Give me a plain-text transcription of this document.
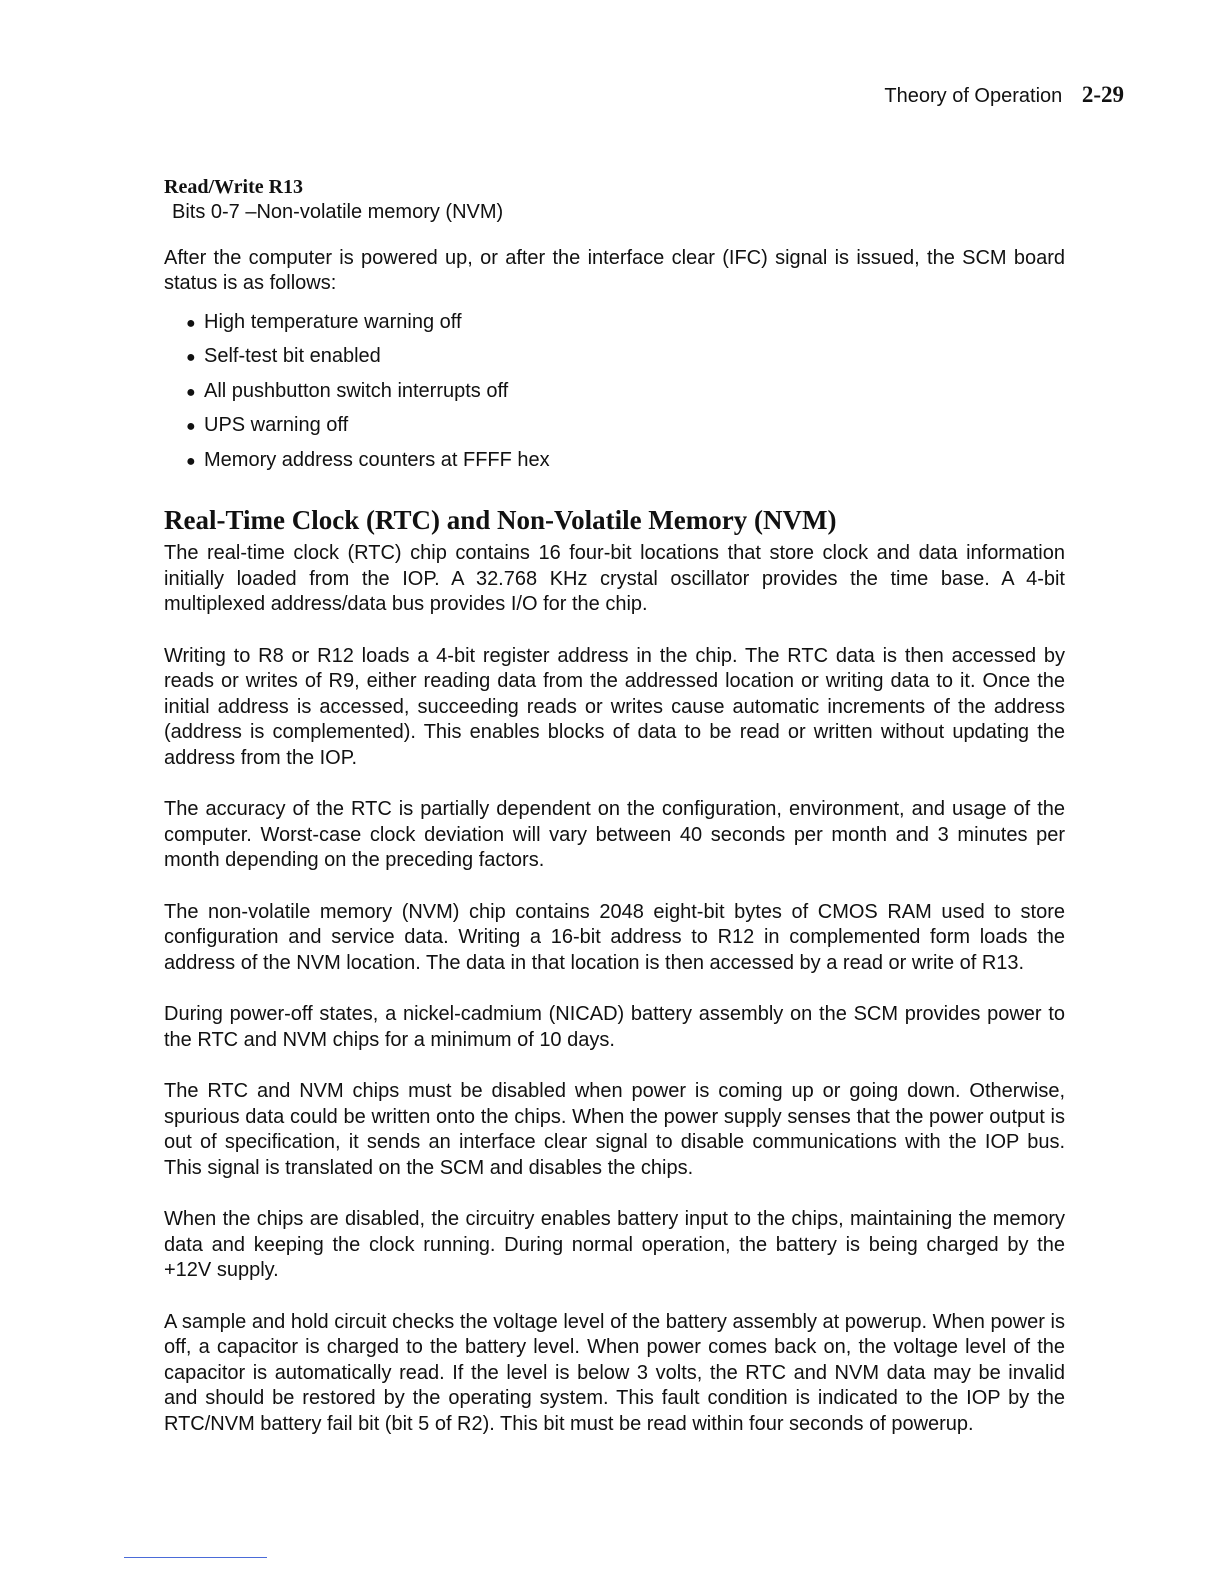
Theory of Operation 2-29
Read/Write R13
Bits 0-7 –Non-volatile memory (NVM)

After the computer is powered up, or after the interface clear (IFC) signal is issued, the SCM board status is as follows:

● High temperature warning off
● Self-test bit enabled
● All pushbutton switch interrupts off
● UPS warning off
● Memory address counters at FFFF hex
Real-Time Clock (RTC) and Non-Volatile Memory (NVM)

The real-time clock (RTC) chip contains 16 four-bit locations that store clock and data information initially loaded from the IOP. A 32.768 KHz crystal oscillator provides the time base. A 4-bit multiplexed address/data bus provides I/O for the chip.

Writing to R8 or R12 loads a 4-bit register address in the chip. The RTC data is then accessed by reads or writes of R9, either reading data from the addressed location or writing data to it. Once the initial address is accessed, succeeding reads or writes cause automatic increments of the address (address is complemented). This enables blocks of data to be read or written without updating the address from the IOP.

The accuracy of the RTC is partially dependent on the configuration, environment, and usage of the computer. Worst-case clock deviation will vary between 40 seconds per month and 3 minutes per month depending on the preceding factors.

The non-volatile memory (NVM) chip contains 2048 eight-bit bytes of CMOS RAM used to store configuration and service data. Writing a 16-bit address to R12 in complemented form loads the address of the NVM location. The data in that location is then accessed by a read or write of R13.

During power-off states, a nickel-cadmium (NICAD) battery assembly on the SCM provides power to the RTC and NVM chips for a minimum of 10 days.

The RTC and NVM chips must be disabled when power is coming up or going down. Otherwise, spurious data could be written onto the chips. When the power supply senses that the power output is out of specification, it sends an interface clear signal to disable communications with the IOP bus. This signal is translated on the SCM and disables the chips.

When the chips are disabled, the circuitry enables battery input to the chips, maintaining the memory data and keeping the clock running. During normal operation, the battery is being charged by the +12V supply.

A sample and hold circuit checks the voltage level of the battery assembly at powerup. When power is off, a capacitor is charged to the battery level. When power comes back on, the voltage level of the capacitor is automatically read. If the level is below 3 volts, the RTC and NVM data may be invalid and should be restored by the operating system. This fault condition is indicated to the IOP by the RTC/NVM battery fail bit (bit 5 of R2). This bit must be read within four seconds of powerup.
